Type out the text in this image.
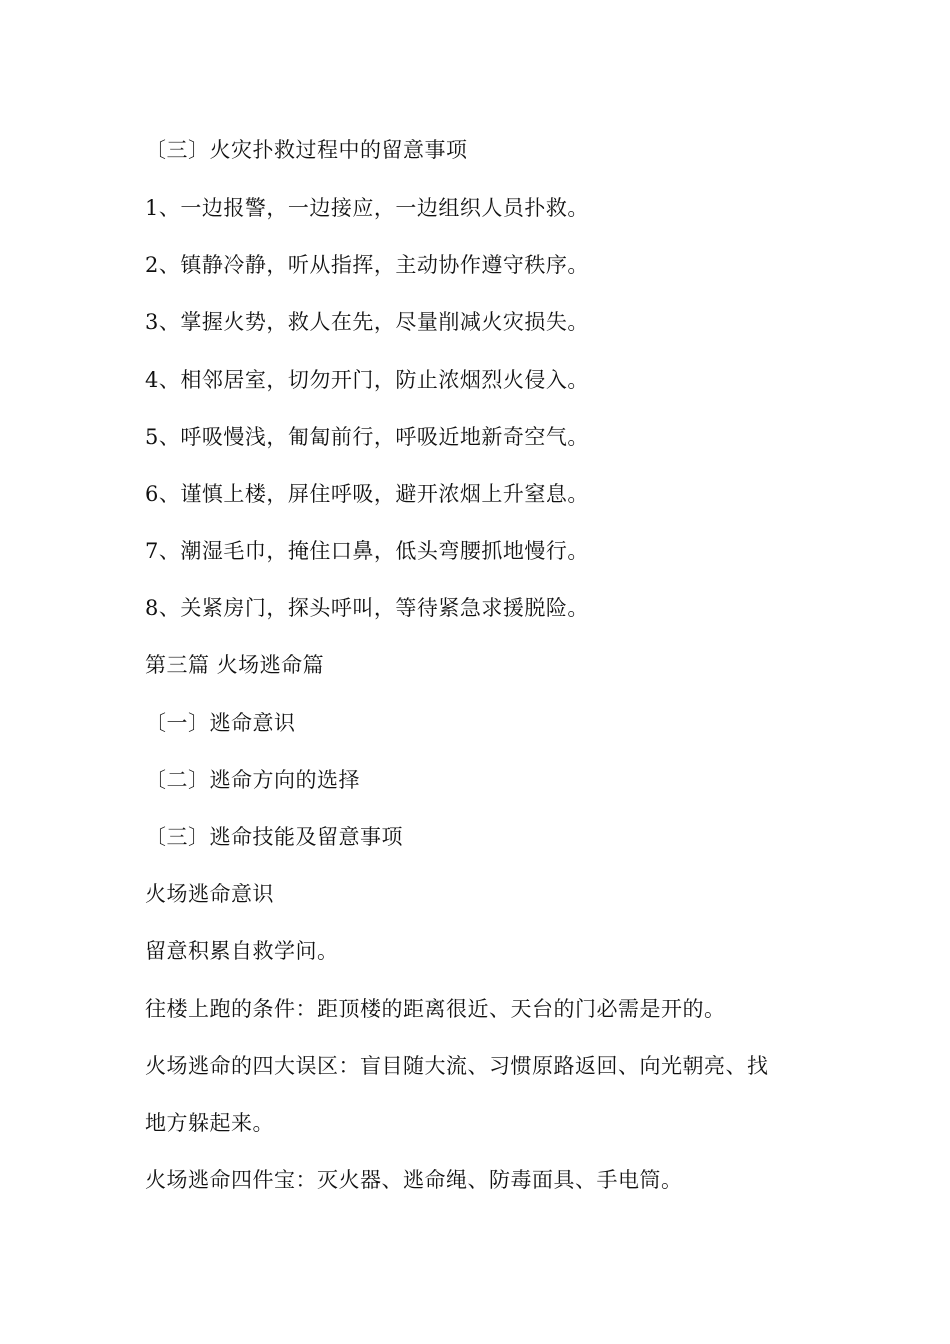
〔三〕火灾扑救过程中的留意事项
1、一边报警，一边接应，一边组织人员扑救。
2、镇静冷静，听从指挥，主动协作遵守秩序。
3、掌握火势，救人在先，尽量削减火灾损失。
4、相邻居室，切勿开门，防止浓烟烈火侵入。
5、呼吸慢浅，匍匐前行，呼吸近地新奇空气。
6、谨慎上楼，屏住呼吸，避开浓烟上升窒息。
7、潮湿毛巾，掩住口鼻，低头弯腰抓地慢行。
8、关紧房门，探头呼叫，等待紧急求援脱险。
第三篇 火场逃命篇
〔一〕逃命意识
〔二〕逃命方向的选择
〔三〕逃命技能及留意事项
火场逃命意识
留意积累自救学问。
往楼上跑的条件：距顶楼的距离很近、天台的门必需是开的。
火场逃命的四大误区：盲目随大流、习惯原路返回、向光朝亮、找
地方躲起来。
火场逃命四件宝：灭火器、逃命绳、防毒面具、手电筒。
